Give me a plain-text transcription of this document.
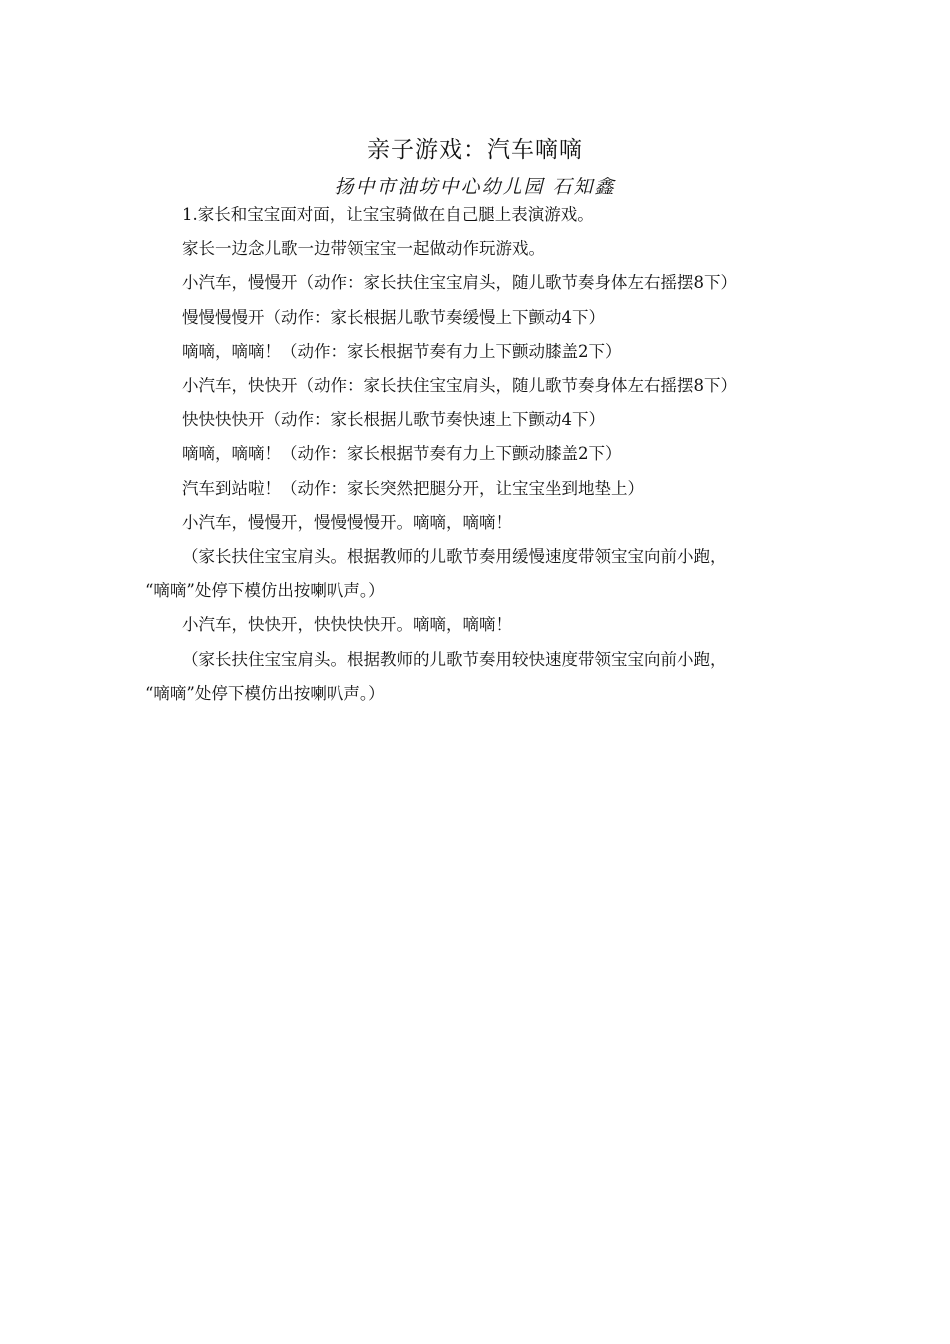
亲子游戏：汽车嘀嘀
扬中市油坊中心幼儿园 石知鑫

1.家长和宝宝面对面，让宝宝骑做在自己腿上表演游戏。

家长一边念儿歌一边带领宝宝一起做动作玩游戏。

小汽车，慢慢开（动作：家长扶住宝宝肩头，随儿歌节奏身体左右摇摆8下）

慢慢慢慢开（动作：家长根据儿歌节奏缓慢上下颤动4下）

嘀嘀，嘀嘀！（动作：家长根据节奏有力上下颤动膝盖2下）

小汽车，快快开（动作：家长扶住宝宝肩头，随儿歌节奏身体左右摇摆8下）

快快快快开（动作：家长根据儿歌节奏快速上下颤动4下）

嘀嘀，嘀嘀！（动作：家长根据节奏有力上下颤动膝盖2下）

汽车到站啦！（动作：家长突然把腿分开，让宝宝坐到地垫上）

小汽车，慢慢开，慢慢慢慢开。嘀嘀，嘀嘀！

（家长扶住宝宝肩头。根据教师的儿歌节奏用缓慢速度带领宝宝向前小跑，

“嘀嘀”处停下模仿出按喇叭声。）

小汽车，快快开，快快快快开。嘀嘀，嘀嘀！

（家长扶住宝宝肩头。根据教师的儿歌节奏用较快速度带领宝宝向前小跑，

“嘀嘀”处停下模仿出按喇叭声。）
